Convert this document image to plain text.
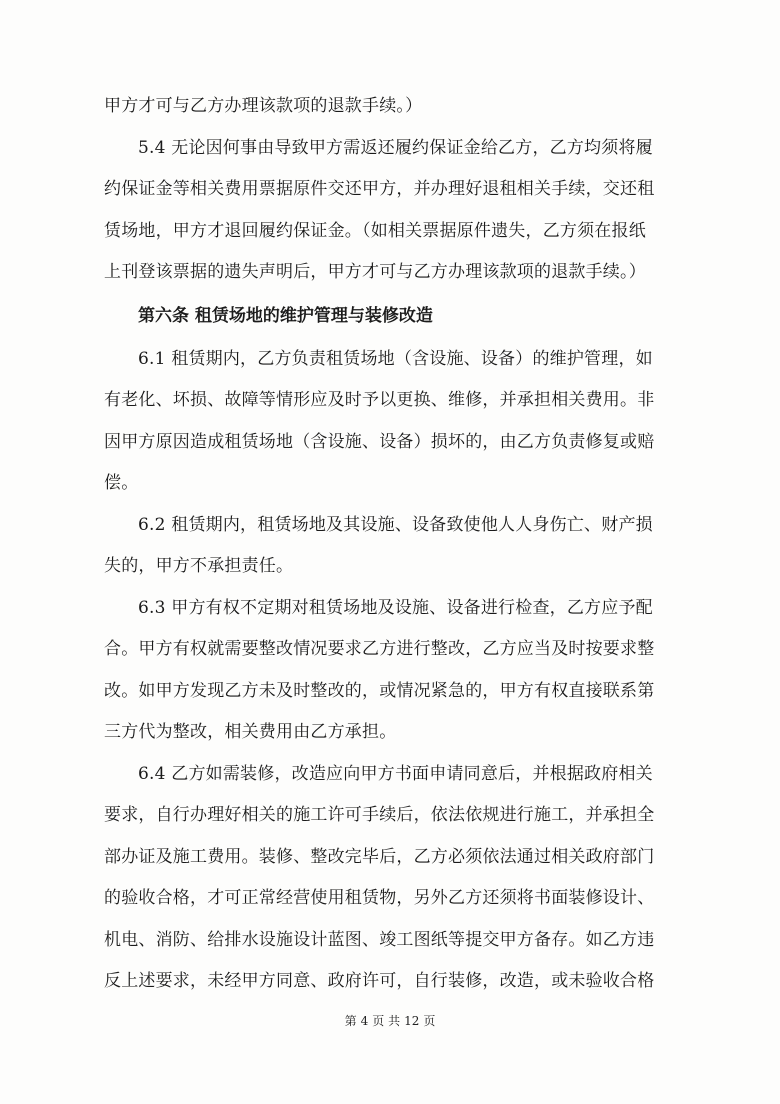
甲方才可与乙方办理该款项的退款手续。）
5.4 无论因何事由导致甲方需返还履约保证金给乙方，乙方均须将履
约保证金等相关费用票据原件交还甲方，并办理好退租相关手续，交还租
赁场地，甲方才退回履约保证金。（如相关票据原件遗失，乙方须在报纸
上刊登该票据的遗失声明后，甲方才可与乙方办理该款项的退款手续。）
第六条 租赁场地的维护管理与装修改造
6.1 租赁期内，乙方负责租赁场地（含设施、设备）的维护管理，如
有老化、坏损、故障等情形应及时予以更换、维修，并承担相关费用。非
因甲方原因造成租赁场地（含设施、设备）损坏的，由乙方负责修复或赔
偿。
6.2 租赁期内，租赁场地及其设施、设备致使他人人身伤亡、财产损
失的，甲方不承担责任。
6.3 甲方有权不定期对租赁场地及设施、设备进行检查，乙方应予配
合。甲方有权就需要整改情况要求乙方进行整改，乙方应当及时按要求整
改。如甲方发现乙方未及时整改的，或情况紧急的，甲方有权直接联系第
三方代为整改，相关费用由乙方承担。
6.4 乙方如需装修，改造应向甲方书面申请同意后，并根据政府相关
要求，自行办理好相关的施工许可手续后，依法依规进行施工，并承担全
部办证及施工费用。装修、整改完毕后，乙方必须依法通过相关政府部门
的验收合格，才可正常经营使用租赁物，另外乙方还须将书面装修设计、
机电、消防、给排水设施设计蓝图、竣工图纸等提交甲方备存。如乙方违
反上述要求，未经甲方同意、政府许可，自行装修，改造，或未验收合格
第 4 页 共 12 页
